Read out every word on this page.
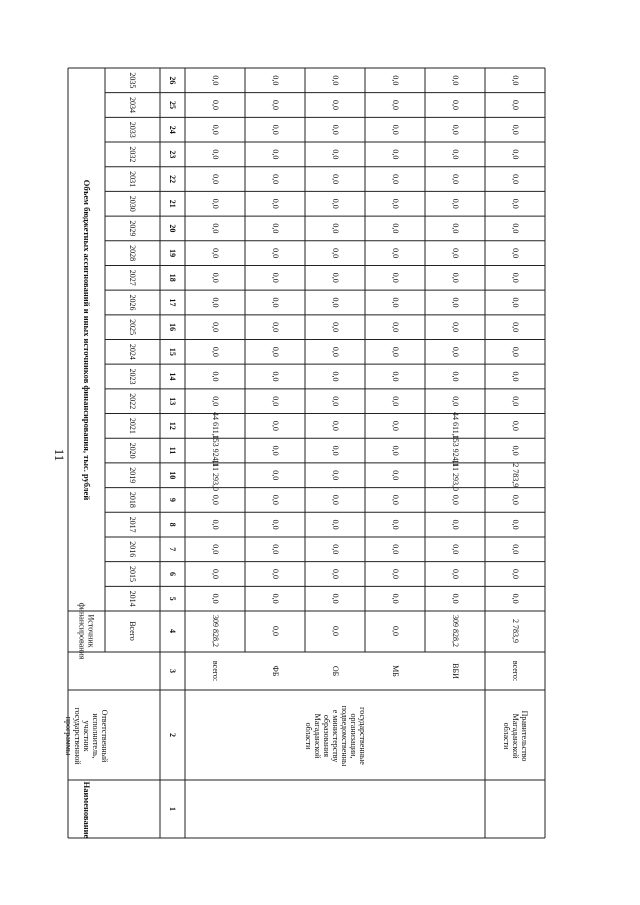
11	Объем бюджетных ассигнований и иных источников финансирования, тыс. рублей
Ответственныйисполнитель,участникгосударственнойпрограммы
Источникфинансирования
Наименование
Всего
2014
2015
2016
2017
2018
2019
2020
2021
2022
2023
2024
2025
2026
2027
2028
2029
2030
2031
2032
2033
2034
2035
1
2
3
4
5
6
7
8
9
10
11
12
13
14
15
16
17
18
19
20
21
22
23
24
25
26
всего:
309 828,2
0,0
0,0
0,0
0,0
0,0
111 293,0
153 924,1
44 611,1
0,0
0,0
0,0
0,0
0,0
0,0
0,0
0,0
0,0
0,0
0,0
0,0
0,0
0,0
ФБ
0,0
0,0
0,0
0,0
0,0
0,0
0,0
0,0
0,0
0,0
0,0
0,0
0,0
0,0
0,0
0,0
0,0
0,0
0,0
0,0
0,0
0,0
0,0
ОБ
0,0
0,0
0,0
0,0
0,0
0,0
0,0
0,0
0,0
0,0
0,0
0,0
0,0
0,0
0,0
0,0
0,0
0,0
0,0
0,0
0,0
0,0
0,0
МБ
0,0
0,0
0,0
0,0
0,0
0,0
0,0
0,0
0,0
0,0
0,0
0,0
0,0
0,0
0,0
0,0
0,0
0,0
0,0
0,0
0,0
0,0
0,0
ВБИ
309 828,2
0,0
0,0
0,0
0,0
0,0
111 293,0
153 924,1
44 611,1
0,0
0,0
0,0
0,0
0,0
0,0
0,0
0,0
0,0
0,0
0,0
0,0
0,0
0,0
всего:
2 783,9
0,0
0,0
0,0
0,0
0,0
2 783,9
0,0
0,0
0,0
0,0
0,0
0,0
0,0
0,0
0,0
0,0
0,0
0,0
0,0
0,0
0,0
0,0
государственныеорганизации,подведомственные министерствуобразованияМагаданскойобласти	ПравительствоМагаданскойобласти
